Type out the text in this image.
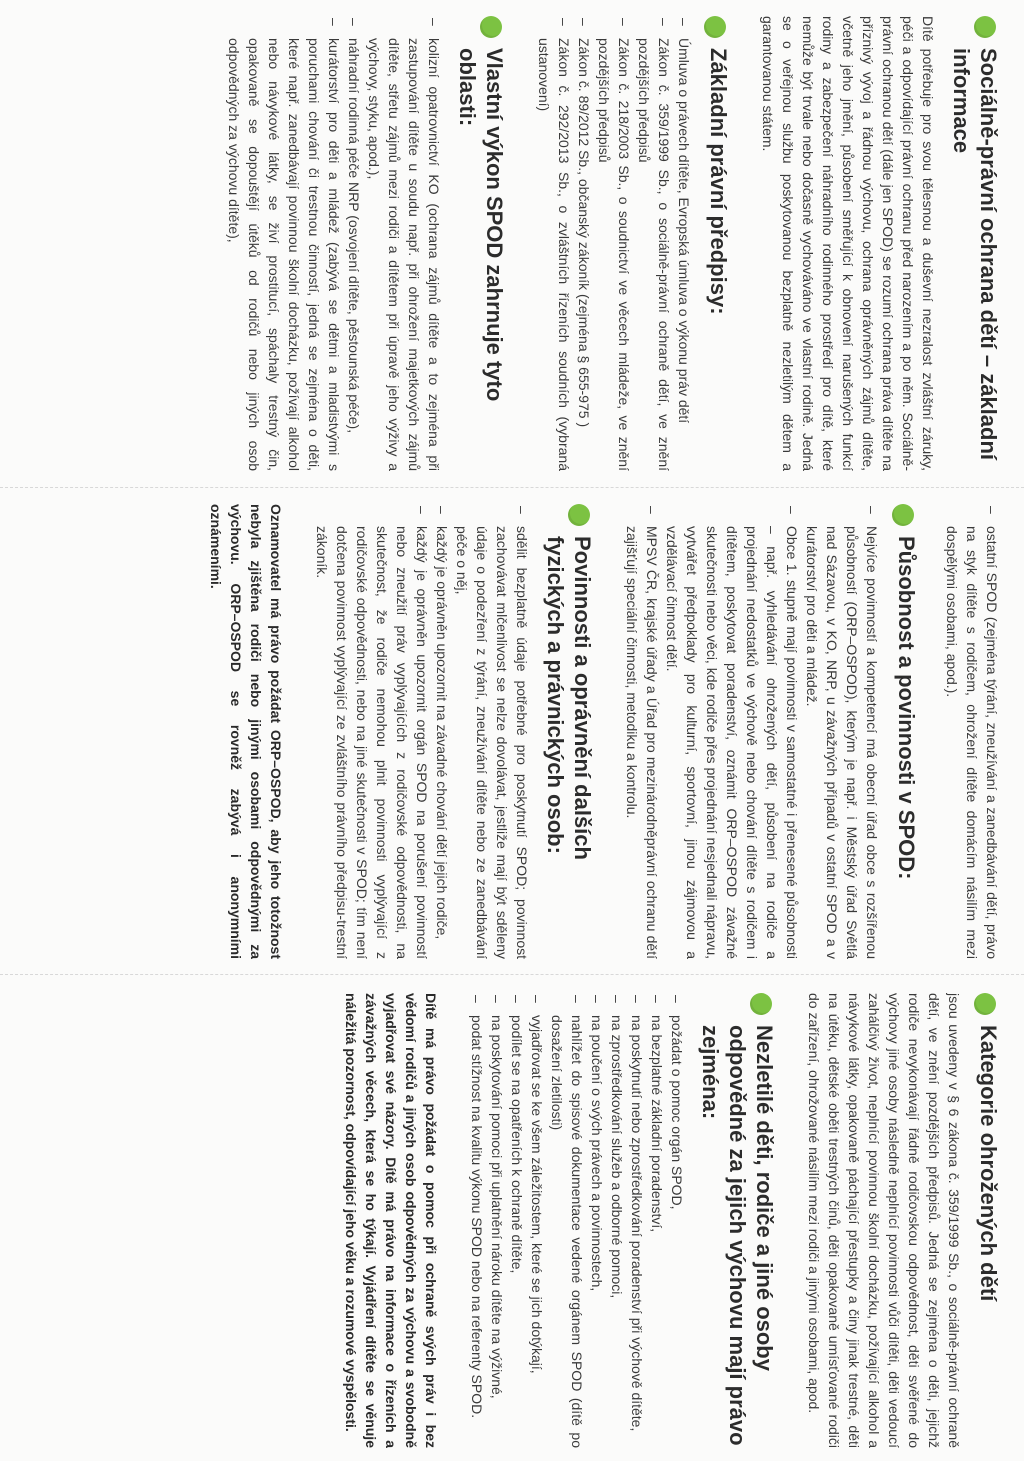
Sociálně-právní ochrana dětí – základní informace

Dítě potřebuje pro svou tělesnou a duševní nezralost zvláštní záruky, péči a odpovídající právní ochranu před narozením a po něm. Sociálně-právní ochranou dětí (dále jen SPOD) se rozumí ochrana práva dítěte na příznivý vývoj a řádnou výchovu, ochrana oprávněných zájmů dítěte, včetně jeho jmění, působení směřující k obnovení narušených funkcí rodiny a zabezpečení náhradního rodinného prostředí pro dítě, které nemůže být trvale nebo dočasně vychováváno ve vlastní rodině. Jedná se o veřejnou službu poskytovanou bezplatně nezletilým dětem a garantovanou státem.

Základní právní předpisy:
– Úmluva o právech dítěte, Evropská úmluva o výkonu práv dětí
– Zákon č. 359/1999 Sb., o sociálně-právní ochraně dětí, ve znění pozdějších předpisů
– Zákon č. 218/2003 Sb., o soudnictví ve věcech mládeže, ve znění pozdějších předpisů
– Zákon č. 89/2012 Sb., občanský zákoník (zejména § 655-975 )
– Zákon č. 292/2013 Sb., o zvláštních řízeních soudních (vybraná ustanovení)
Vlastní výkon SPOD zahrnuje tyto oblasti:
– kolizní opatrovnictví KO (ochrana zájmů dítěte a to zejména při zastupování dítěte u soudu např. při ohrožení majetkových zájmů dítěte, střetu zájmů mezi rodiči a dítětem při úpravě jeho výživy a výchovy, styku, apod.),
– náhradní rodinná péče NRP (osvojení dítěte, pěstounská péče),
– kurátorství pro děti a mládež (zabývá se dětmi a mladistvými s poruchami chování či trestnou činností, jedná se zejména o děti, které např. zanedbávají povinnou školní docházku, požívají alkohol nebo návykové látky, se živí prostitucí, spáchaly trestný čin, opakovaně se dopouštějí útěků od rodičů nebo jiných osob odpovědných za výchovu dítěte),
– ostatní SPOD (zejména týrání, zneužívání a zanedbávání dětí, právo na styk dítěte s rodičem, ohrožení dítěte domácím násilím mezi dospělými osobami, apod.).
Působnost a povinnosti v SPOD:
– Nejvíce povinností a kompetencí má obecní úřad obce s rozšířenou působností (ORP–OSPOD), kterým je např. i Městský úřad Světlá nad Sázavou, v KO, NRP, u závažných případů v ostatní SPOD a v kurátorství pro děti a mládež.
– Obce 1. stupně mají povinnosti v samostatné i přenesené působnosti – např. vyhledávání ohrožených dětí, působení na rodiče a projednání nedostatků ve výchově nebo chování dítěte s rodičem i dítětem, poskytovat poradenství, oznámit ORP–OSPOD závažné skutečnosti nebo věci, kde rodiče přes projednání nesjednali nápravu, vytvářet předpoklady pro kulturní, sportovní, jinou zájmovou a vzdělávací činnost dětí.
– MPSV ČR, krajské úřady a Úřad pro mezinárodněprávní ochranu dětí zajišťují speciální činnosti, metodiku a kontrolu.
Povinnosti a oprávnění dalších fyzických a právnických osob:
– sdělit bezplatně údaje potřebné pro poskytnutí SPOD; povinnost zachovávat mlčenlivost se nelze dovolávat, jestliže mají být sděleny údaje o podezření z týrání, zneužívání dítěte nebo ze zanedbávání péče o něj,
– každý je oprávněn upozornit na závadné chování dětí jejich rodiče,
– každý je oprávněn upozornit orgán SPOD na porušení povinností nebo zneužití práv vyplývajících z rodičovské odpovědnosti, na skutečnost, že rodiče nemohou plnit povinnosti vyplývající z rodičovské odpovědnosti, nebo na jiné skutečnosti v SPOD; tím není dotčena povinnost vyplývající ze zvláštního právního předpisu-trestní zákoník.

Oznamovatel má právo požádat ORP–OSPOD, aby jeho totožnost nebyla zjištěna rodiči nebo jinými osobami odpovědnými za výchovu. ORP–OSPOD se rovněž zabývá i anonymními oznámeními.

Kategorie ohrožených dětí

jsou uvedeny v § 6 zákona č. 359/1999 Sb., o sociálně-právní ochraně dětí, ve znění pozdějších předpisů. Jedná se zejména o děti, jejichž rodiče nevykonávají řádně rodičovskou odpovědnost, děti svěřené do výchovy jiné osoby následně neplnící povinnosti vůči dítěti, děti vedoucí zahálčivý život, neplnící povinnou školní docházku, požívající alkohol a návykové látky, opakovaně páchající přestupky a činy jinak trestné, děti na útěku, dětské oběti trestných činů, děti opakovaně umísťované rodiči do zařízení, ohrožované násilím mezi rodiči a jinými osobami, apod.

Nezletilé děti, rodiče a jiné osoby odpovědné za jejich výchovu mají právo zejména:
– požádat o pomoc orgán SPOD,
– na bezplatné základní poradenství,
– na poskytnutí nebo zprostředkování poradenství při výchově dítěte,
– na zprostředkování služeb a odborné pomoci,
– na poučení o svých právech a povinnostech,
– nahlížet do spisové dokumentace vedené orgánem SPOD (dítě po dosažení zletilosti)
– vyjadřovat se ke všem záležitostem, které se jich dotýkají,
– podílet se na opatřeních k ochraně dítěte,
– na poskytování pomoci při uplatnění nároku dítěte na výživné,
– podat stížnost na kvalitu výkonu SPOD nebo na referenty SPOD.

Dítě má právo požádat o pomoc při ochraně svých práv i bez vědomí rodičů a jiných osob odpovědných za výchovu a svobodně vyjadřovat své názory. Dítě má právo na informace o řízeních a závažných věcech, která se ho týkají. Vyjádření dítěte se věnuje náležitá pozornost, odpovídající jeho věku a rozumové vyspělosti.
